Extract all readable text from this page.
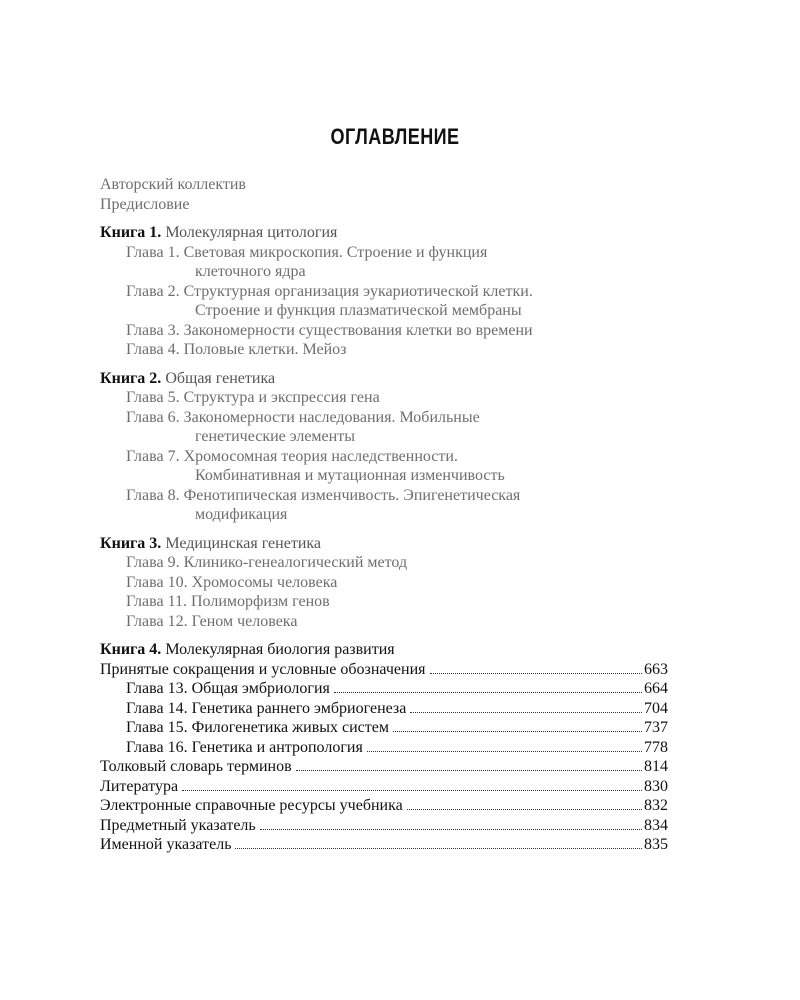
ОГЛАВЛЕНИЕ
Авторский коллектив
Предисловие
Книга 1. Молекулярная цитология
Глава 1. Световая микроскопия. Строение и функция
клеточного ядра
Глава 2. Структурная организация эукариотической клетки.
Строение и функция плазматической мембраны
Глава 3. Закономерности существования клетки во времени
Глава 4. Половые клетки. Мейоз
Книга 2. Общая генетика
Глава 5. Структура и экспрессия гена
Глава 6. Закономерности наследования. Мобильные
генетические элементы
Глава 7. Хромосомная теория наследственности.
Комбинативная и мутационная изменчивость
Глава 8. Фенотипическая изменчивость. Эпигенетическая
модификация
Книга 3. Медицинская генетика
Глава 9. Клинико-генеалогический метод
Глава 10. Хромосомы человека
Глава 11. Полиморфизм генов
Глава 12. Геном человека
Книга 4. Молекулярная биология развития
Принятые сокращения и условные обозначения	663
Глава 13. Общая эмбриология	664
Глава 14. Генетика раннего эмбриогенеза	704
Глава 15. Филогенетика живых систем	737
Глава 16. Генетика и антропология	778
Толковый словарь терминов	814
Литература	830
Электронные справочные ресурсы учебника	832
Предметный указатель	834
Именной указатель	835
